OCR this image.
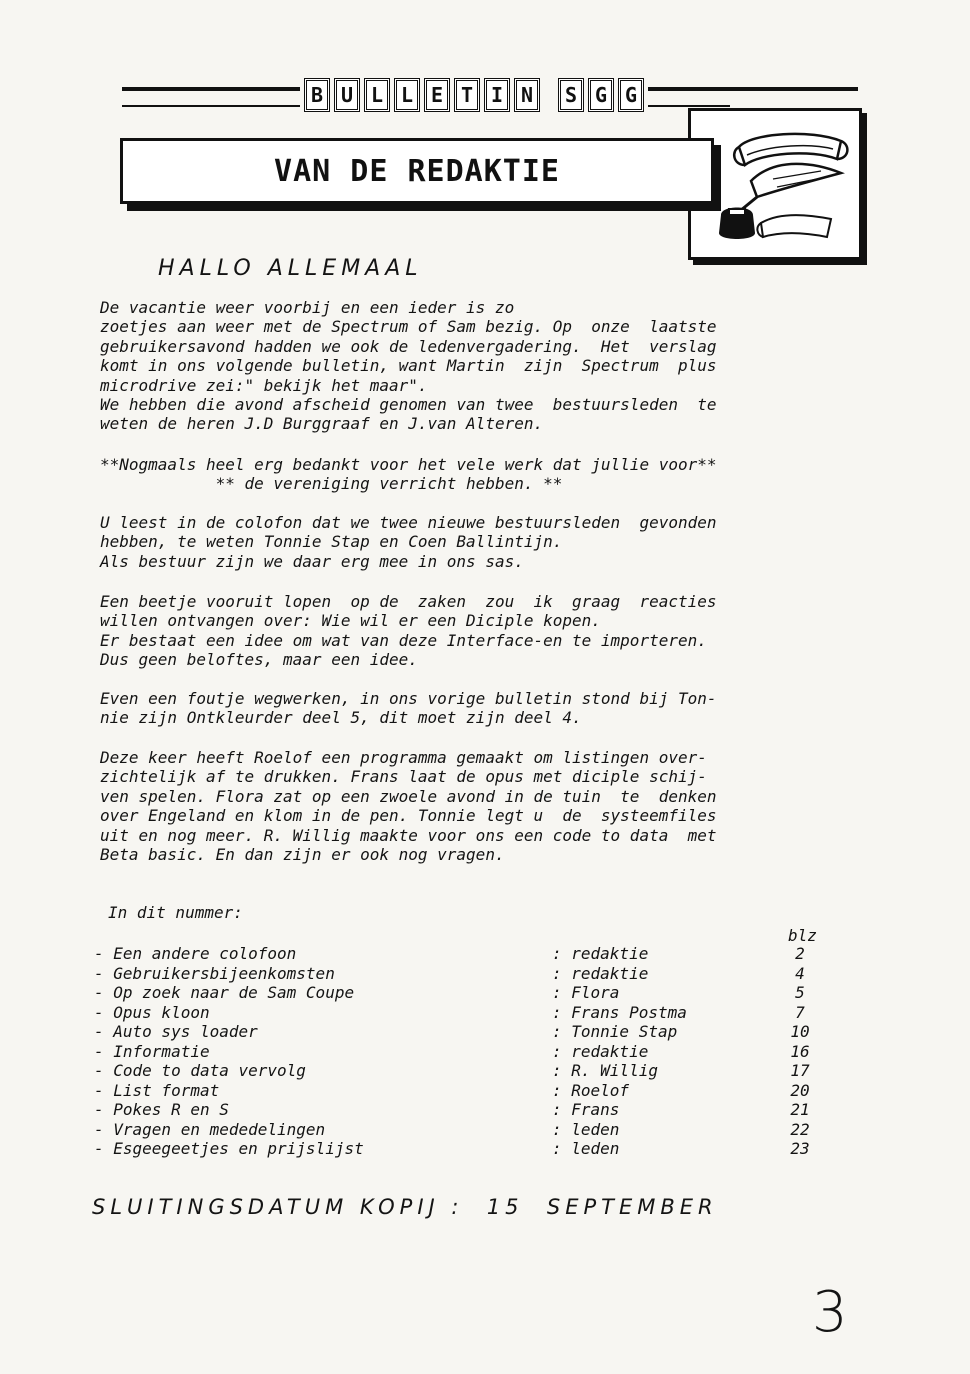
B U L L E T I N	S G G
VAN DE REDAKTIE
HALLO ALLEMAAL
De vacantie weer voorbij en een ieder is zo
zoetjes aan weer met de Spectrum of Sam bezig. Op  onze  laatste
gebruikersavond hadden we ook de ledenvergadering.  Het  verslag
komt in ons volgende bulletin, want Martin  zijn  Spectrum  plus
microdrive zei:" bekijk het maar".
We hebben die avond afscheid genomen van twee  bestuursleden  te
weten de heren J.D Burggraaf en J.van Alteren.
**Nogmaals heel erg bedankt voor het vele werk dat jullie voor**
** de vereniging verricht hebben. **
U leest in de colofon dat we twee nieuwe bestuursleden  gevonden
hebben, te weten Tonnie Stap en Coen Ballintijn.
Als bestuur zijn we daar erg mee in ons sas.
Een beetje vooruit lopen  op de  zaken  zou  ik  graag  reacties
willen ontvangen over: Wie wil er een Diciple kopen.
Er bestaat een idee om wat van deze Interface-en te importeren.
Dus geen beloftes, maar een idee.
Even een foutje wegwerken, in ons vorige bulletin stond bij Ton-
nie zijn Ontkleurder deel 5, dit moet zijn deel 4.
Deze keer heeft Roelof een programma gemaakt om listingen over-
zichtelijk af te drukken. Frans laat de opus met diciple schij-
ven spelen. Flora zat op een zwoele avond in de tuin  te  denken
over Engeland en klom in de pen. Tonnie legt u  de  systeemfiles
uit en nog meer. R. Willig maakte voor ons een code to data  met
Beta basic. En dan zijn er ook nog vragen.
In dit nummer:
blz
- Een andere colofoon	: redaktie	2
- Gebruikersbijeenkomsten	: redaktie	4
- Op zoek naar de Sam Coupe	: Flora	5
- Opus kloon	: Frans Postma	7
- Auto sys loader	: Tonnie Stap	10
- Informatie	: redaktie	16
- Code to data vervolg	: R. Willig	17
- List format	: Roelof	20
- Pokes R en S	: Frans	21
- Vragen en mededelingen	: leden	22
- Esgeegeetjes en prijslijst	: leden	23
SLUITINGSDATUM KOPIJ :  15  SEPTEMBER
3
